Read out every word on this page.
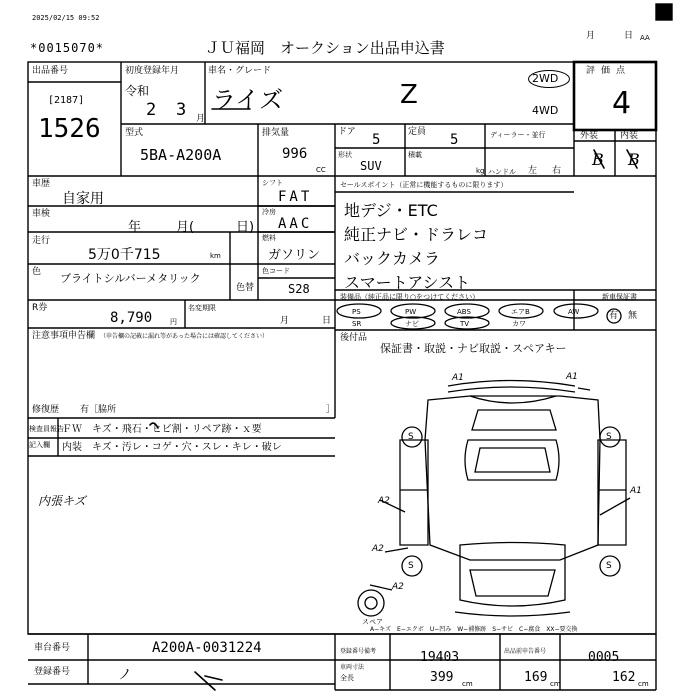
2025/02/15 09:52
*0015070*	ＪＵ福岡　オークション出品申込書
月	日 AA
出品番号
[2187]
1526
初度登録年月
令和
2 3 月
車名・グレード
ライズ	Z
2WD
4WD
評価点
4
外装 内装
B B
型式
5BA-A200A
排気量
996
CC
ドア 5	定員 5	ディーラー・並行
形状
SUV
積載
kg ハンドル 左 右
車歴
自家用
車検
年	月(	日)
シフト
FAT
冷房
AAC
燃料
ガソリン
走行
5万0千715	km
色 ブライトシルバーメタリック
色替
色コード
S28
セールスポイント（正常に機能するものに限ります）
地デジ・ETC
純正ナビ・ドラレコ
バックカメラ
スマートアシスト
R券
8,790	円
名変期限
月	日
装備品（純正品に限り○をつけてください）
PS	PW	ABS	エアB	AW
SR	ナビ	TV	カワ
新車保証書
有 無
注意事項申告欄 （申告欄の記載に漏れ等があった場合には確認してください）
修復歴 有［脇所	］
検査員報告
記入欄
ＦＷ　キズ・飛石・ヒビ割・リペア跡・ｘ要
内装　キズ・汚レ・コゲ・穴・スレ・キレ・破レ
内張キズ
後付品
保証書・取説・ナビ取説・スペアキー
A1	A1
S	S
S	S
A1
A2
A2
A2
スペア
A−キズ　E−エクボ　U−凹み　W−補修跡　S−サビ　C−腐食　XX−要交換
車台番号	A200A-0031224
登録番号	ノ
登録番号備考	19403	出品前申告番号	0005
車両寸法
全長	399 cm	169 cm	162 cm
